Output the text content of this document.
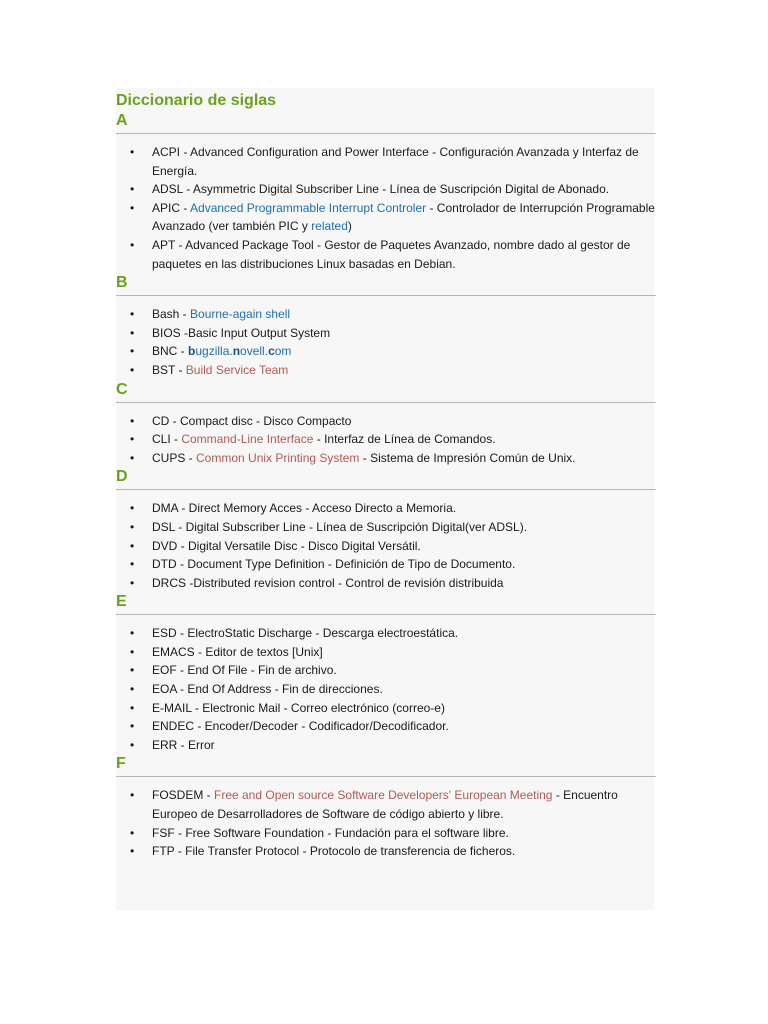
Diccionario de siglas
A
• ACPI - Advanced Configuration and Power Interface - Configuración Avanzada y Interfaz de Energía.
• ADSL - Asymmetric Digital Subscriber Line - Línea de Suscripción Digital de Abonado.
• APIC - Advanced Programmable Interrupt Controler - Controlador de Interrupción Programable Avanzado (ver también PIC y related)
• APT - Advanced Package Tool - Gestor de Paquetes Avanzado, nombre dado al gestor de paquetes en las distribuciones Linux basadas en Debian.
B
• Bash - Bourne-again shell
• BIOS -Basic Input Output System
• BNC - bugzilla.novell.com
• BST - Build Service Team
C
• CD - Compact disc - Disco Compacto
• CLI - Command-Line Interface - Interfaz de Línea de Comandos.
• CUPS - Common Unix Printing System - Sistema de Impresión Común de Unix.
D
• DMA - Direct Memory Acces - Acceso Directo a Memoria.
• DSL - Digital Subscriber Line - Línea de Suscripción Digital(ver ADSL).
• DVD - Digital Versatile Disc - Disco Digital Versátil.
• DTD - Document Type Definition - Definición de Tipo de Documento.
• DRCS -Distributed revision control - Control de revisión distribuida
E
• ESD - ElectroStatic Discharge - Descarga electroestática.
• EMACS - Editor de textos [Unix]
• EOF - End Of File - Fin de archivo.
• EOA - End Of Address - Fin de direcciones.
• E-MAIL - Electronic Mail - Correo electrónico (correo-e)
• ENDEC - Encoder/Decoder - Codificador/Decodificador.
• ERR - Error
F
• FOSDEM - Free and Open source Software Developers' European Meeting - Encuentro Europeo de Desarrolladores de Software de código abierto y libre.
• FSF - Free Software Foundation - Fundación para el software libre.
• FTP - File Transfer Protocol - Protocolo de transferencia de ficheros.
